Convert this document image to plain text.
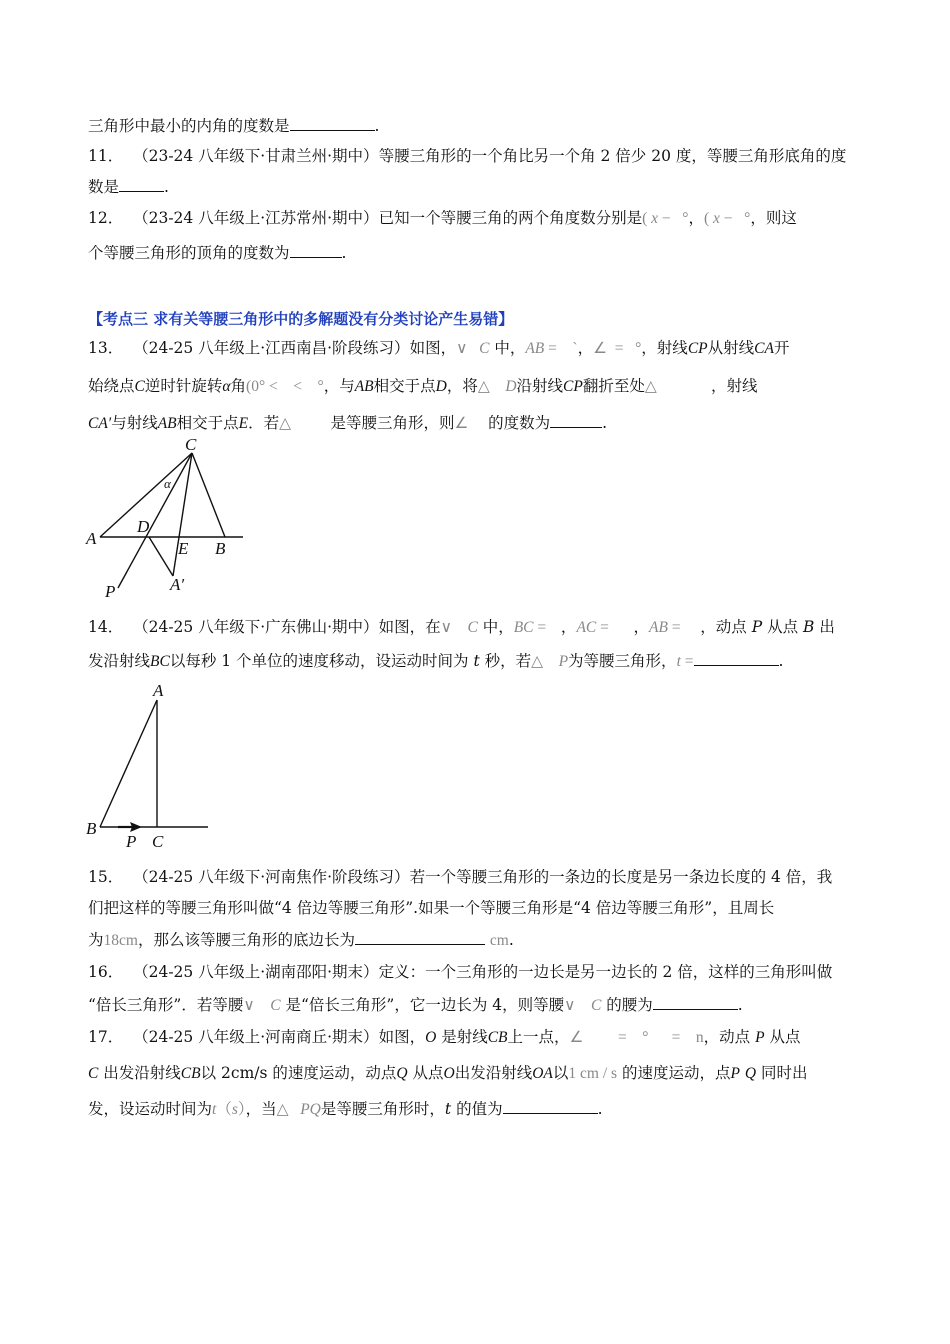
三角形中最小的内角的度数是	.
11． （23-24 八年级下·甘肃兰州·期中）等腰三角形的一个角比另一个角 2 倍少 20 度，等腰三角形底角的度
数是	.
12． （23-24 八年级上·江苏常州·期中）已知一个等腰三角的两个角度数分别是( x −   °，( x −   °，则这
个等腰三角形的顶角的度数为	.
【考点三 求有关等腰三角形中的多解题没有分类讨论产生易错】
13． （24-25 八年级上·江西南昌·阶段练习）如图，∨   C 中，AB =    `，∠  =   °，射线CP从射线CA开
始绕点C逆时针旋转α角(0° <    <    °，与AB相交于点D，将△    D沿射线CP翻折至处△           ，射线
CA′与射线AB相交于点E．若△        是等腰三角形，则∠    的度数为	.
C
α
D
A
E B
P	A′
14． （24-25 八年级下·广东佛山·期中）如图，在∨    C 中，BC =   ，AC =     ，AB =    ，动点 P 从点 B 出
发沿射线BC以每秒 1 个单位的速度移动，设运动时间为 t 秒，若△    P为等腰三角形，t =	.
A
B
P C
15． （24-25 八年级下·河南焦作·阶段练习）若一个等腰三角形的一条边的长度是另一条边长度的 4 倍，我
们把这样的等腰三角形叫做“4 倍边等腰三角形”.如果一个等腰三角形是“4 倍边等腰三角形”，且周长
为18cm，那么该等腰三角形的底边长为	cm.
16． （24-25 八年级上·湖南邵阳·期末）定义：一个三角形的一边长是另一边长的 2 倍，这样的三角形叫做
“倍长三角形”．若等腰∨    C 是“倍长三角形”，它一边长为 4，则等腰∨    C 的腰为	.
17． （24-25 八年级上·河南商丘·期末）如图，O 是射线CB上一点，∠ =    °      =    n，动点 P 从点
C 出发沿射线CB以 2cm/s 的速度运动，动点Q 从点O出发沿射线OA以1 cm / s 的速度运动，点P Q 同时出
发，设运动时间为t（s），当△   PQ是等腰三角形时，t 的值为	.
